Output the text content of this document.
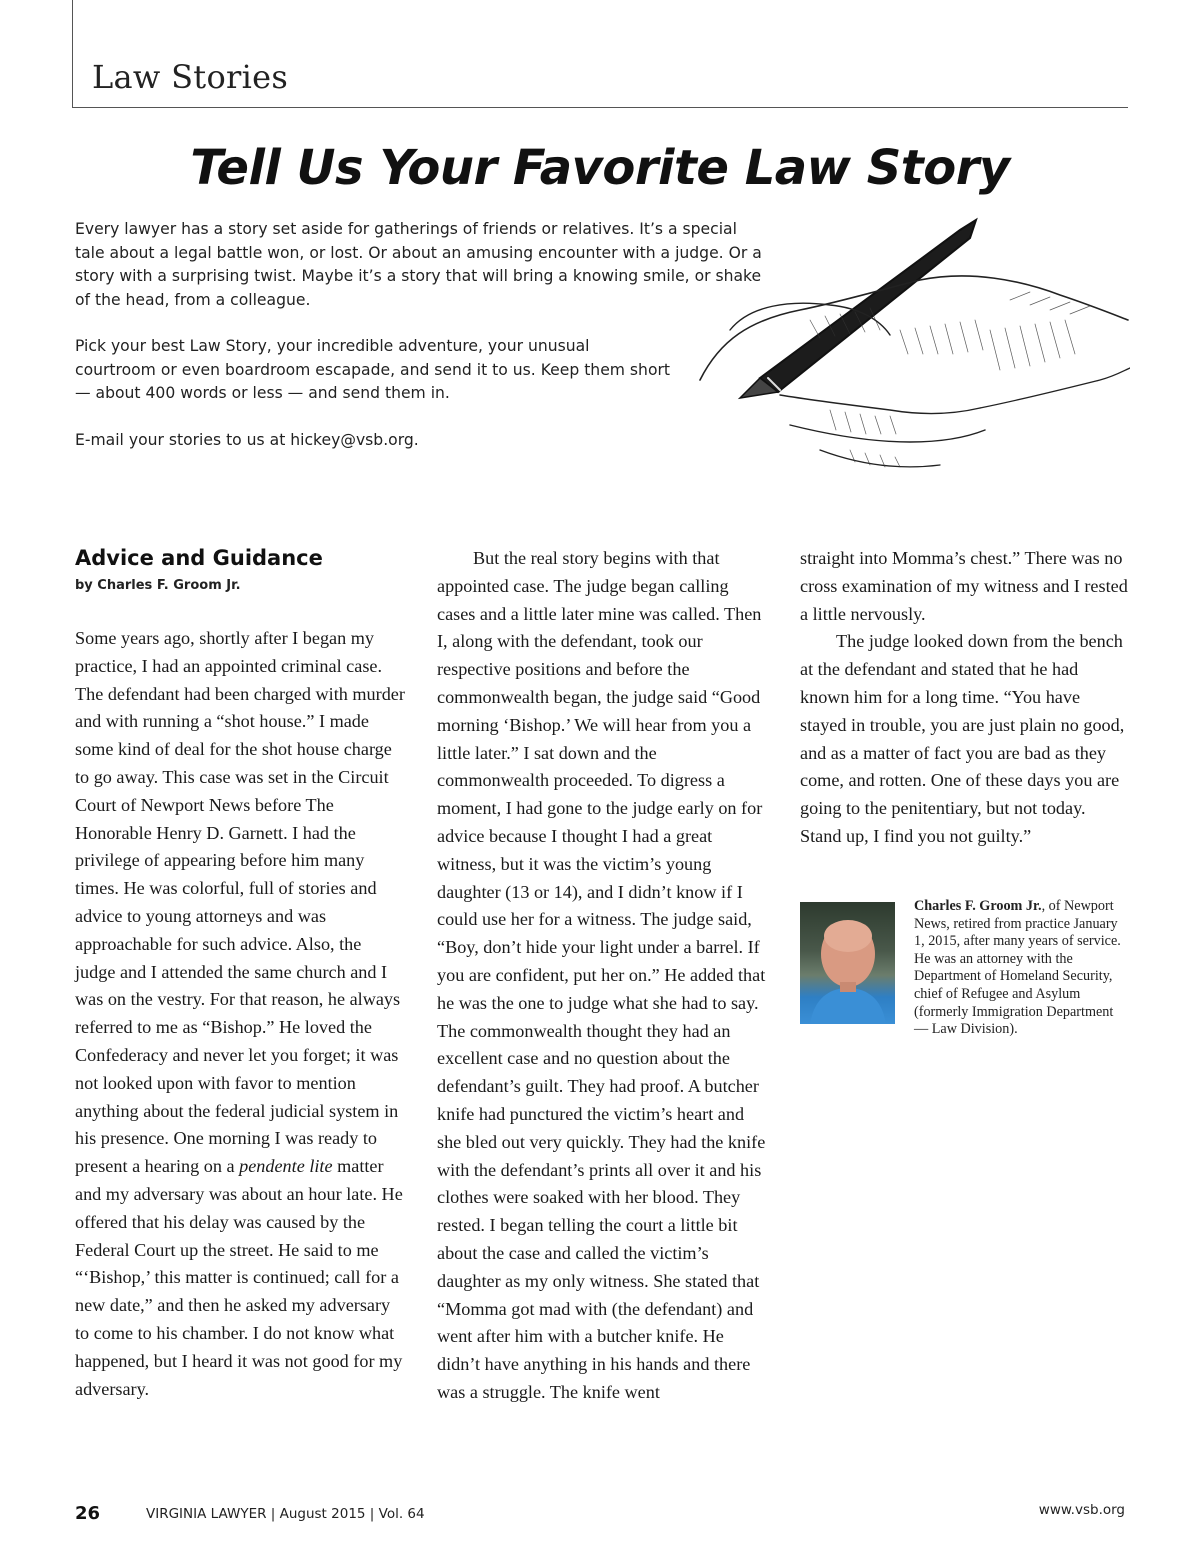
Law Stories
Tell Us Your Favorite Law Story

Every lawyer has a story set aside for gatherings of friends or relatives. It’s a special tale about a legal battle won, or lost. Or about an amusing encounter with a judge. Or a story with a surprising twist. Maybe it’s a story that will bring a knowing smile, or shake of the head, from a colleague.

Pick your best Law Story, your incredible adventure, your unusual courtroom or even boardroom escapade, and send it to us. Keep them short — about 400 words or less — and send them in.

E-mail your stories to us at hickey@vsb.org.

Advice and Guidance
by Charles F. Groom Jr.

Some years ago, shortly after I began my practice, I had an appointed criminal case. The defendant had been charged with murder and with running a “shot house.” I made some kind of deal for the shot house charge to go away. This case was set in the Circuit Court of Newport News before The Honorable Henry D. Garnett. I had the privilege of appearing before him many times. He was colorful, full of stories and advice to young attorneys and was approachable for such advice. Also, the judge and I attended the same church and I was on the vestry. For that reason, he always referred to me as “Bishop.” He loved the Confederacy and never let you forget; it was not looked upon with favor to mention anything about the federal judicial system in his presence. One morning I was ready to present a hearing on a pendente lite matter and my adversary was about an hour late. He offered that his delay was caused by the Federal Court up the street. He said to me “‘Bishop,’ this matter is continued; call for a new date,” and then he asked my adversary to come to his chamber. I do not know what happened, but I heard it was not good for my adversary.

But the real story begins with that appointed case. The judge began calling cases and a little later mine was called. Then I, along with the defendant, took our respective positions and before the commonwealth began, the judge said “Good morning ‘Bishop.’ We will hear from you a little later.” I sat down and the commonwealth proceeded. To digress a moment, I had gone to the judge early on for advice because I thought I had a great witness, but it was the victim’s young daughter (13 or 14), and I didn’t know if I could use her for a witness. The judge said, “Boy, don’t hide your light under a barrel. If you are confident, put her on.” He added that he was the one to judge what she had to say. The commonwealth thought they had an excellent case and no question about the defendant’s guilt. They had proof. A butcher knife had punctured the victim’s heart and she bled out very quickly. They had the knife with the defendant’s prints all over it and his clothes were soaked with her blood. They rested. I began telling the court a little bit about the case and called the victim’s daughter as my only witness. She stated that “Momma got mad with (the defendant) and went after him with a butcher knife. He didn’t have anything in his hands and there was a struggle. The knife went

straight into Momma’s chest.” There was no cross examination of my witness and I rested a little nervously.

The judge looked down from the bench at the defendant and stated that he had known him for a long time. “You have stayed in trouble, you are just plain no good, and as a matter of fact you are bad as they come, and rotten. One of these days you are going to the penitentiary, but not today. Stand up, I find you not guilty.”

Charles F. Groom Jr., of Newport News, retired from practice January 1, 2015, after many years of service. He was an attorney with the Department of Homeland Security, chief of Refugee and Asylum (formerly Immigration Department — Law Division).
26	VIRGINIA LAWYER | August 2015 | Vol. 64	www.vsb.org
